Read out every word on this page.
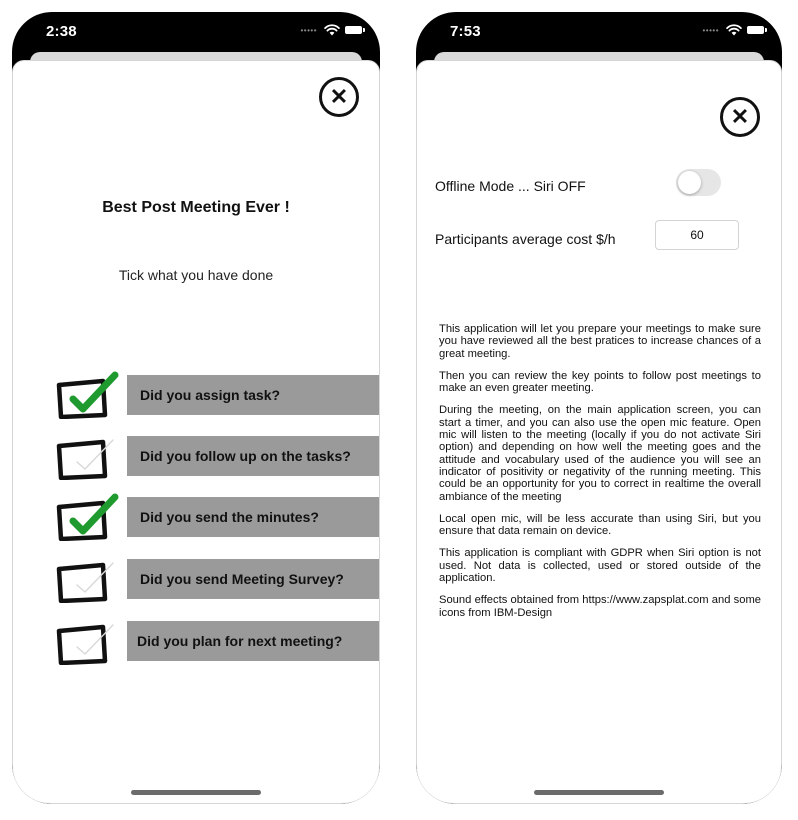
2:38	•••••
✕
Best Post Meeting Ever !
Tick what you have done
Did you assign task?
Did you follow up on the tasks?
Did you send the minutes?
Did you send Meeting Survey?
Did you plan for next meeting?
7:53	•••••
✕
Offline Mode ... Siri OFF
Participants average cost $/h
60

This application will let you prepare your meetings to make sure you have reviewed all the best pratices to increase chances of a great meeting.

Then you can review the key points to follow post meetings to make an even greater meeting.

During the meeting, on the main application screen, you can start a timer, and you can also use the open mic feature. Open mic will listen to the meeting (locally if you do not activate Siri option) and depending on how well the meeting goes and the attitude and vocabulary used of the audience you will see an indicator of positivity or negativity of the running meeting. This could be an opportunity for you to correct in realtime the overall ambiance of the meeting

Local open mic, will be less accurate than using Siri, but you ensure that data remain on device.

This application is compliant with GDPR when Siri option is not used. Not data is collected, used or stored outside of the application.

Sound effects obtained from https://www.zapsplat.com and some icons from IBM-Design
